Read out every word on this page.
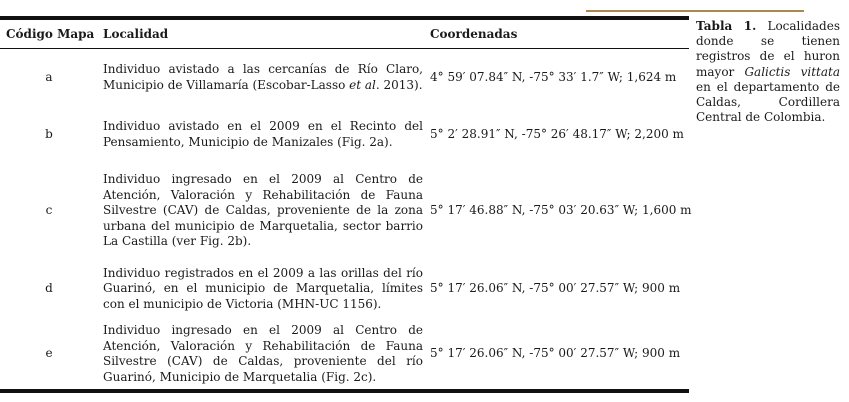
Código Mapa Localidad	Coordenadas
a
Individuo avistado a las cercanías de Río Claro, Municipio de Villamaría (Escobar-Lasso et al. 2013).
4° 59′ 07.84″ N, -75° 33′ 1.7″ W; 1,624 m
b
Individuo avistado en el 2009 en el Recinto del Pensamiento, Municipio de Manizales (Fig. 2a).
5° 2′ 28.91″ N, -75° 26′ 48.17″ W; 2,200 m
c
Individuo ingresado en el 2009 al Centro de Atención, Valoración y Rehabilitación de Fauna Silvestre (CAV) de Caldas, proveniente de la zona urbana del municipio de Marquetalia, sector barrio La Castilla (ver Fig. 2b).
5° 17′ 46.88″ N, -75° 03′ 20.63″ W; 1,600 m
d
Individuo registrados en el 2009 a las orillas del río Guarinó, en el municipio de Marquetalia, límites con el municipio de Victoria (MHN-UC 1156).
5° 17′ 26.06″ N, -75° 00′ 27.57″ W; 900 m
e
Individuo ingresado en el 2009 al Centro de Atención, Valoración y Rehabilitación de Fauna Silvestre (CAV) de Caldas, proveniente del río Guarinó, Municipio de Marquetalia (Fig. 2c).
5° 17′ 26.06″ N, -75° 00′ 27.57″ W; 900 m
Tabla 1. Localidades donde se tienen registros de el huron mayor Galictis vittata en el departamento de Caldas, Cordillera Central de Colombia.
